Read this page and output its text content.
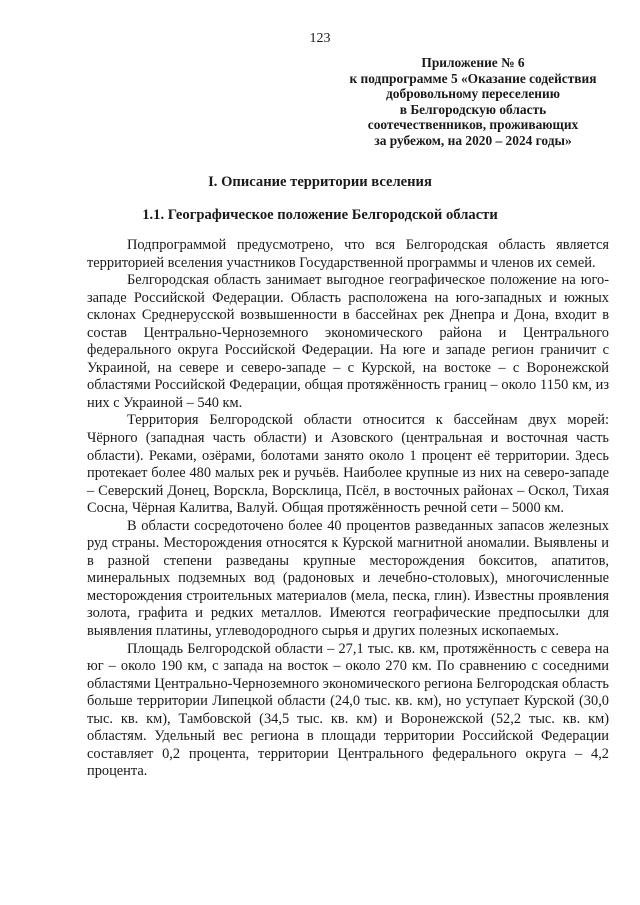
123
Приложение № 6
к подпрограмме 5 «Оказание содействия
добровольному переселению
в Белгородскую область
соотечественников, проживающих
за рубежом, на 2020 – 2024 годы»
I. Описание территории вселения
1.1. Географическое положение Белгородской области

Подпрограммой предусмотрено, что вся Белгородская область является территорией вселения участников Государственной программы и членов их семей.

Белгородская область занимает выгодное географическое положение на юго-западе Российской Федерации. Область расположена на юго-западных и южных склонах Среднерусской возвышенности в бассейнах рек Днепра и Дона, входит в состав Центрально-Черноземного экономического района и Центрального федерального округа Российской Федерации. На юге и западе регион граничит с Украиной, на севере и северо-западе – с Курской, на востоке – с Воронежской областями Российской Федерации, общая протяжённость границ – около 1150 км, из них с Украиной – 540 км.

Территория Белгородской области относится к бассейнам двух морей: Чёрного (западная часть области) и Азовского (центральная и восточная часть области). Реками, озёрами, болотами занято около 1 процент её территории. Здесь протекает более 480 малых рек и ручьёв. Наиболее крупные из них на северо-западе – Северский Донец, Ворскла, Ворсклица, Псёл, в восточных районах – Оскол, Тихая Сосна, Чёрная Калитва, Валуй. Общая протяжённость речной сети – 5000 км.

В области сосредоточено более 40 процентов разведанных запасов железных руд страны. Месторождения относятся к Курской магнитной аномалии. Выявлены и в разной степени разведаны крупные месторождения бокситов, апатитов, минеральных подземных вод (радоновых и лечебно-столовых), многочисленные месторождения строительных материалов (мела, песка, глин). Известны проявления золота, графита и редких металлов. Имеются географические предпосылки для выявления платины, углеводородного сырья и других полезных ископаемых.

Площадь Белгородской области – 27,1 тыс. кв. км, протяжённость с севера на юг – около 190 км, с запада на восток – около 270 км. По сравнению с соседними областями Центрально-Черноземного экономического региона Белгородская область больше территории Липецкой области (24,0 тыс. кв. км), но уступает Курской (30,0 тыс. кв. км), Тамбовской (34,5 тыс. кв. км) и Воронежской (52,2 тыс. кв. км) областям. Удельный вес региона в площади территории Российской Федерации составляет 0,2 процента, территории Центрального федерального округа – 4,2 процента.
